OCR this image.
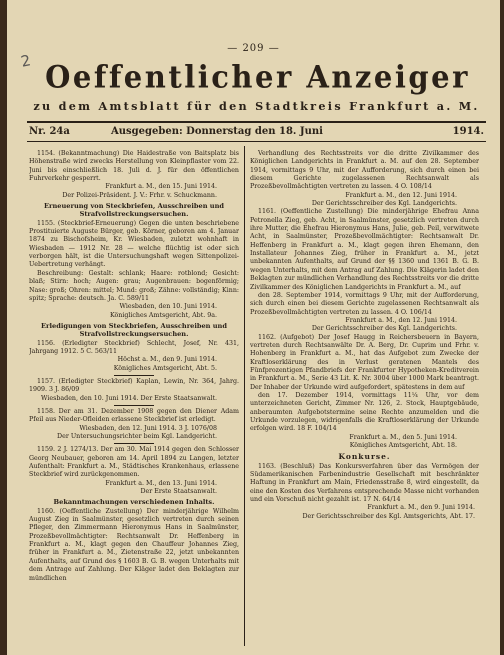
2
— 209 —
Oeffentlicher Anzeiger
zu dem Amtsblatt für den Stadtkreis Frankfurt a. M.
Nr. 24a	Ausgegeben: Donnerstag den 18. Juni	1914.
1154. (Bekanntmachung) Die Haidestraße von Baitsplatz bis Höhenstraße wird zwecks Herstellung von Kleinpflaster vom 22. Juni bis einschließlich 18. Juli d. J. für den öffentlichen Fuhrverkehr gesperrt.
Frankfurt a. M., den 15. Juni 1914.
Der Polizei-Präsident. J. V.: Frhr. v. Schuckmann.
Erneuerung von Steckbriefen, Ausschreiben und Strafvollstreckungsersuchen.
1155. (Steckbrief-Erneuerung) Gegen die unten beschriebene Prostituierte Auguste Bürger, geb. Körner, geboren am 4. Januar 1874 zu Bischofsheim, Kr. Wiesbaden, zuletzt wohnhaft in Wiesbaden — 1912 Nr. 28 — welche flüchtig ist oder sich verborgen hält, ist die Untersuchungshaft wegen Sittenpolizei-Uebertretung verhängt.
Beschreibung: Gestalt: schlank; Haare: rotblond; Gesicht: blaß; Stirn: hoch; Augen: grau; Augenbrauen: bogenförmig; Nase: groß; Ohren: mittel; Mund: groß; Zähne: vollständig; Kinn: spitz; Sprache: deutsch. Ja. C. 589/11
Wiesbaden, den 10. Juni 1914.
Königliches Amtsgericht, Abt. 9a.
Erledigungen von Steckbriefen, Ausschreiben und Strafvollstreckungsersuchen.
1156. (Erledigter Steckbrief) Schlecht, Josef, Nr. 431, Jahrgang 1912. 5 C. 563/11
Höchst a. M., den 9. Juni 1914.
Königliches Amtsgericht, Abt. 5.
1157. (Erledigter Steckbrief) Kaplan, Lewin, Nr. 364, Jahrg. 1909. 3 J. 86/09
Wiesbaden, den 10. Juni 1914. Der Erste Staatsanwalt.
1158. Der am 31. Dezember 1908 gegen den Diener Adam Pfeil aus Nieder-Ofleiden erlassene Steckbrief ist erledigt.
Wiesbaden, den 12. Juni 1914. 3 J. 1076/08
Der Untersuchungsrichter beim Kgl. Landgericht.
1159. 2 J. 1274/13. Der am 30. Mai 1914 gegen den Schlosser Georg Neubauer, geboren am 14. April 1894 zu Langen, letzter Aufenthalt: Frankfurt a. M., Städtisches Krankenhaus, erlassene Steckbrief wird zurückgenommen.
Frankfurt a. M., den 13. Juni 1914.
Der Erste Staatsanwalt.
Bekanntmachungen verschiedenen Inhalts.
1160. (Oeffentliche Zustellung) Der minderjährige Wilhelm August Zieg in Saalmünster, gesetzlich vertreten durch seinen Pfleger, den Zimmermann Hieronymus Hans in Saalmünster, Prozeßbevollmächtigter: Rechtsanwalt Dr. Heffenberg in Frankfurt a. M., klagt gegen den Chauffeur Johannes Zieg, früher in Frankfurt a. M., Zietenstraße 22, jetzt unbekannten Aufenthalts, auf Grund des § 1603 B. G. B. wegen Unterhalts mit dem Antrage auf Zahlung. Der Kläger ladet den Beklagten zur mündlichen
Verhandlung des Rechtsstreits vor die dritte Zivilkammer des Königlichen Landgerichts in Frankfurt a. M. auf den 28. September 1914, vormittags 9 Uhr, mit der Aufforderung, sich durch einen bei diesem Gerichte zugelassenen Rechtsanwalt als Prozeßbevollmächtigten vertreten zu lassen. 4 O. 108/14
Frankfurt a. M., den 12. Juni 1914.
Der Gerichtsschreiber des Kgl. Landgerichts.
1161. (Oeffentliche Zustellung) Die minderjährige Ehefrau Anna Petronella Zieg, geb. Acht, in Saalmünster, gesetzlich vertreten durch ihre Mutter, die Ehefrau Hieronymus Hans, Julie, geb. Peil, verwitwete Acht, in Saalmünster, Prozeßbevollmächtigter: Rechtsanwalt Dr. Heffenberg in Frankfurt a. M., klagt gegen ihren Ehemann, den Installateur Johannes Zieg, früher in Frankfurt a. M., jetzt unbekannten Aufenthalts, auf Grund der §§ 1360 und 1361 B. G. B. wegen Unterhalts, mit dem Antrag auf Zahlung. Die Klägerin ladet den Beklagten zur mündlichen Verhandlung des Rechtsstreits vor die dritte Zivilkammer des Königlichen Landgerichts in Frankfurt a. M., auf
den 28. September 1914, vormittags 9 Uhr, mit der Aufforderung, sich durch einen bei diesem Gerichte zugelassenen Rechtsanwalt als Prozeßbevollmächtigten vertreten zu lassen. 4 O. 106/14
Frankfurt a. M., den 12. Juni 1914.
Der Gerichtsschreiber des Kgl. Landgerichts.
1162. (Aufgebot) Der Josef Haugg in Reichersbeuern in Bayern, vertreten durch Rechtsanwälte Dr. A. Berg, Dr. Cuprim und Frhr. v. Hohenberg in Frankfurt a. M., hat das Aufgebot zum Zwecke der Kraftloserklärung des in Verlust geratenen Mantels des Fünfprozentigen Pfandbriefs der Frankfurter Hypotheken-Kreditverein in Frankfurt a. M., Serie 43 Lit. K. Nr. 3004 über 1000 Mark beantragt. Der Inhaber der Urkunde wird aufgefordert, spätestens in dem auf
den 17. Dezember 1914, vormittags 11¼ Uhr, vor dem unterzeichneten Gericht, Zimmer Nr. 126, 2. Stock, Hauptgebäude, anberaumten Aufgebotstermine seine Rechte anzumelden und die Urkunde vorzulegen, widrigenfalls die Kraftloserklärung der Urkunde erfolgen wird. 18 F. 104/14
Frankfurt a. M., den 5. Juni 1914.
Königliches Amtsgericht, Abt. 18.
Konkurse.
1163. (Beschluß) Das Konkursverfahren über das Vermögen der Südamerikanischen Farbenindustrie Gesellschaft mit beschränkter Haftung in Frankfurt am Main, Friedensstraße 8, wird eingestellt, da eine den Kosten des Verfahrens entsprechende Masse nicht vorhanden und ein Vorschuß nicht gezahlt ist. 17 N. 64/14
Frankfurt a. M., den 9. Juni 1914.
Der Gerichtsschreiber des Kgl. Amtsgerichts, Abt. 17.
